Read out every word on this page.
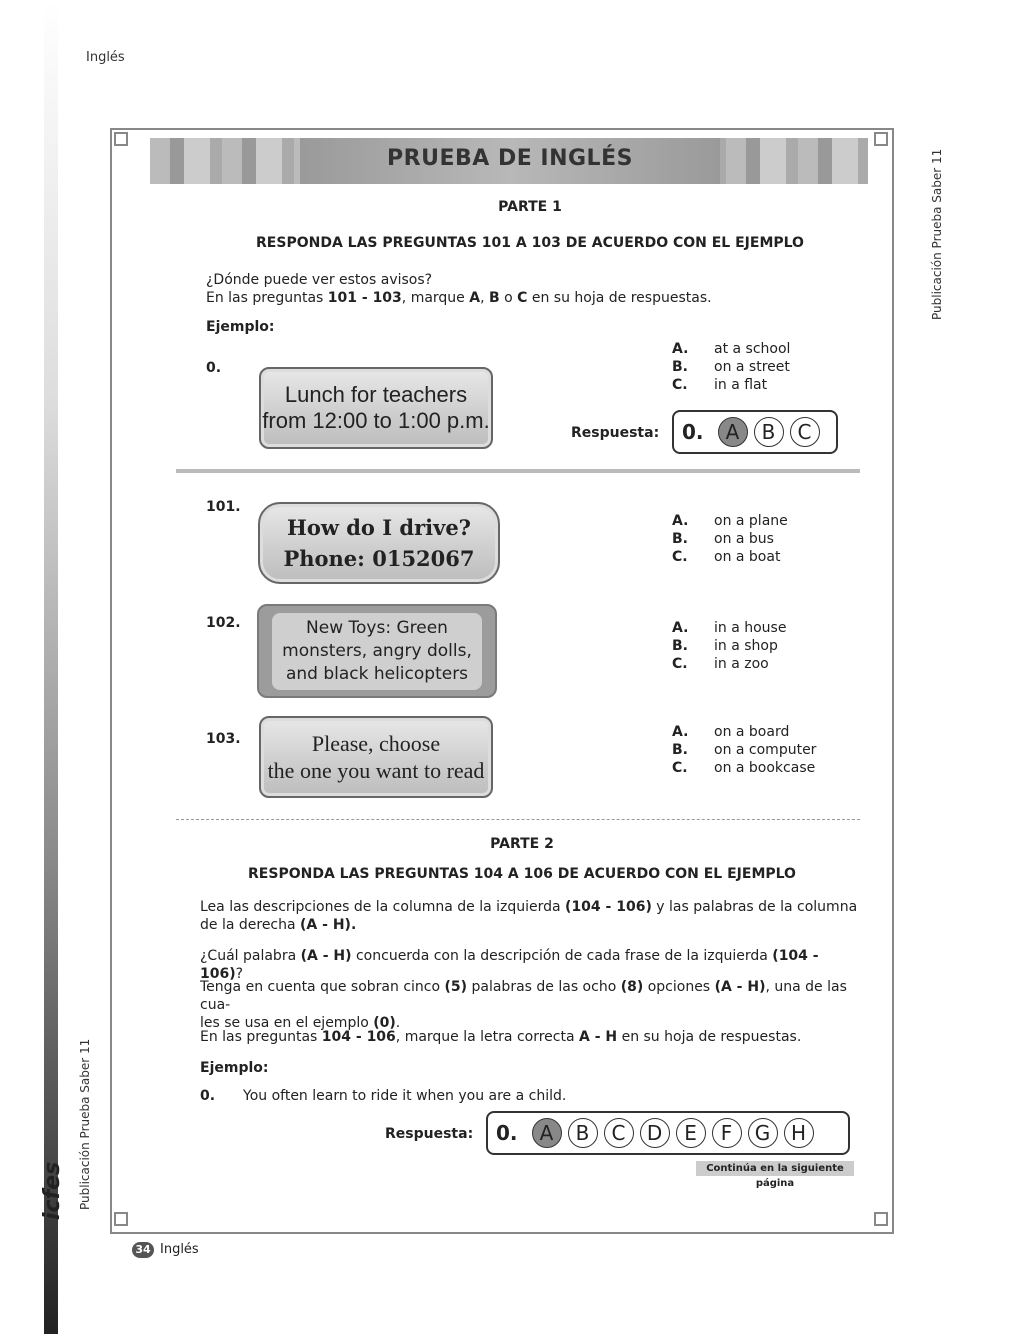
Inglés
Publicación Prueba Saber 11
Publicación Prueba Saber 11
icfes
PRUEBA DE INGLÉS
PARTE 1
RESPONDA LAS PREGUNTAS 101 A 103 DE ACUERDO CON EL EJEMPLO
¿Dónde puede ver estos avisos?
En las preguntas 101 - 103, marque A, B o C en su hoja de respuestas.
Ejemplo:
0.
Lunch for teachers
from 12:00 to 1:00 p.m.
A. at a school
B. on a street
C. in a flat
Respuesta: 0.	A	B	C
101.
How do I drive?
Phone: 0152067
A. on a plane
B. on a bus
C. on a boat
102.	New Toys: Green
monsters, angry dolls,
and black helicopters
A. in a house
B. in a shop
C. in a zoo
103.	Please, choose
the one you want to read
A. on a board
B. on a computer
C. on a bookcase
PARTE 2
RESPONDA LAS PREGUNTAS 104 A 106 DE ACUERDO CON EL EJEMPLO
Lea las descripciones de la columna de la izquierda (104 - 106) y las palabras de la columna
de la derecha (A - H).
¿Cuál palabra (A - H) concuerda con la descripción de cada frase de la izquierda (104 - 106)?
Tenga en cuenta que sobran cinco (5) palabras de las ocho (8) opciones (A - H), una de las cua-
les se usa en el ejemplo (0).
En las preguntas 104 - 106, marque la letra correcta A - H en su hoja de respuestas.
Ejemplo:
0. You often learn to ride it when you are a child.
Respuesta: 0.	A	B	C	D	E	F	G	H
Continúa en la siguiente página
34 Inglés
